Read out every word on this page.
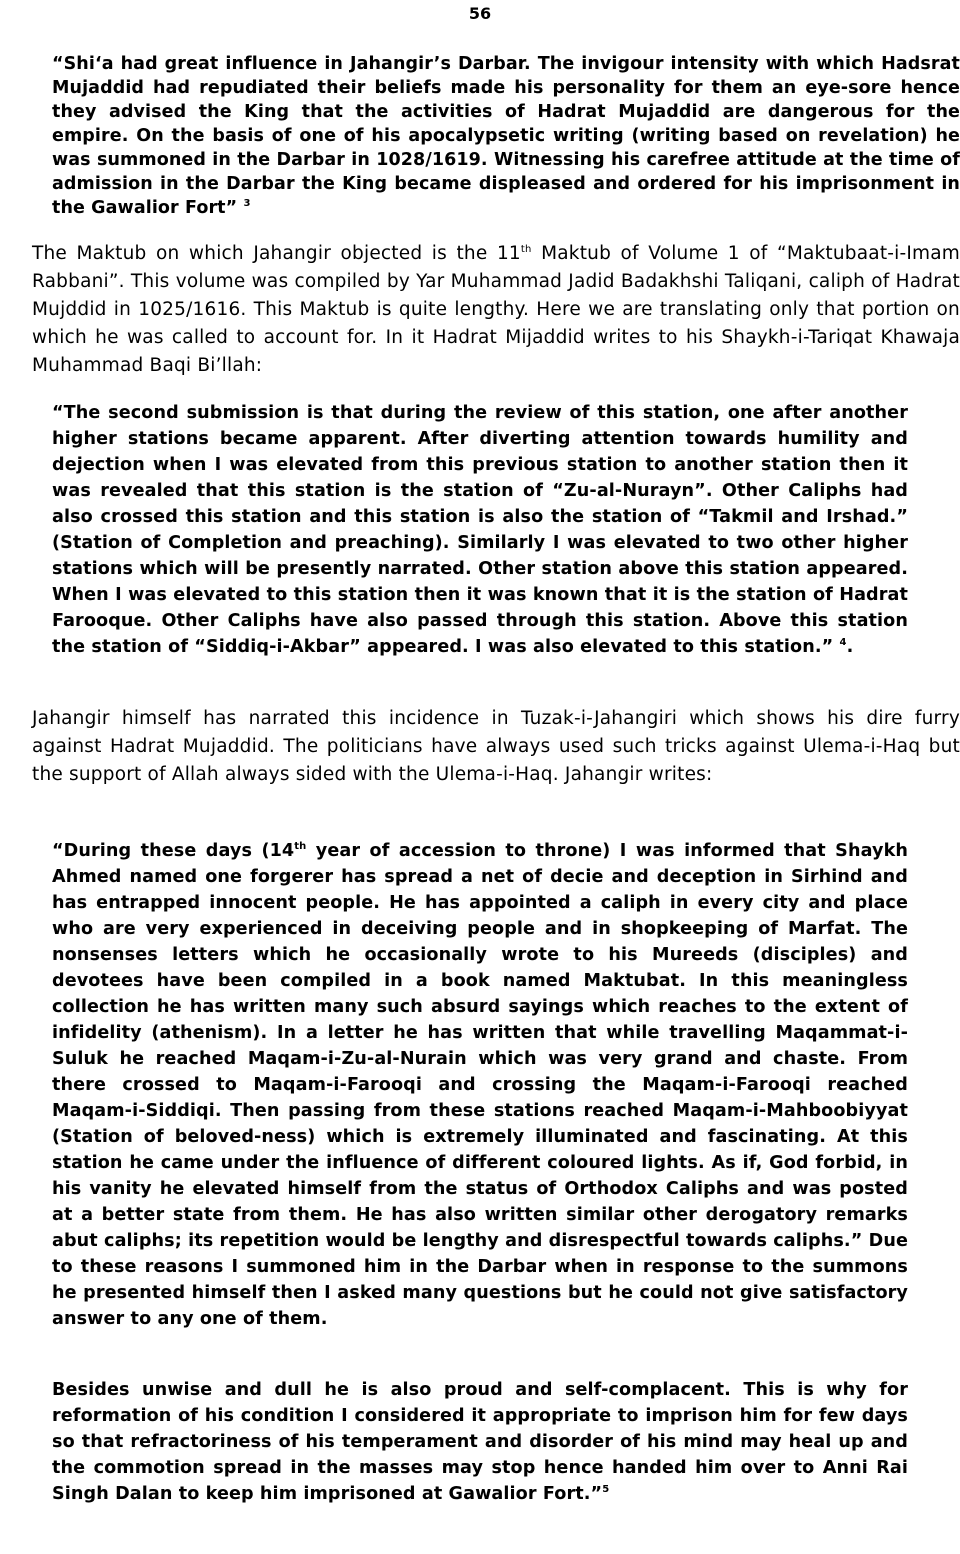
56
“Shi‘a had great influence in Jahangir’s Darbar. The invigour intensity with which Hadsrat Mujaddid had repudiated their beliefs made his personality for them an eye-sore hence they advised the King that the activities of Hadrat Mujaddid are dangerous for the empire. On the basis of one of his apocalypsetic writing (writing based on revelation) he was summoned in the Darbar in 1028/1619. Witnessing his carefree attitude at the time of admission in the Darbar the King became displeased and ordered for his imprisonment in the Gawalior Fort” $^3$
The Maktub on which Jahangir objected is the 11th Maktub of Volume 1 of “Maktubaat-i-Imam Rabbani”. This volume was compiled by Yar Muhammad Jadid Badakhshi Taliqani, caliph of Hadrat Mujddid in 1025/1616. This Maktub is quite lengthy. Here we are translating only that portion on which he was called to account for. In it Hadrat Mijaddid writes to his Shaykh-i-Tariqat Khawaja Muhammad Baqi Bi’llah:
“The second submission is that during the review of this station, one after another higher stations became apparent. After diverting attention towards humility and dejection when I was elevated from this previous station to another station then it was revealed that this station is the station of “Zu-al-Nurayn”. Other Caliphs had also crossed this station and this station is also the station of “Takmil and Irshad.” (Station of Completion and preaching). Similarly I was elevated to two other higher stations which will be presently narrated. Other station above this station appeared. When I was elevated to this station then it was known that it is the station of Hadrat Farooque. Other Caliphs have also passed through this station. Above this station the station of “Siddiq-i-Akbar” appeared. I was also elevated to this station.” $^4$.
Jahangir himself has narrated this incidence in Tuzak-i-Jahangiri which shows his dire furry against Hadrat Mujaddid. The politicians have always used such tricks against Ulema-i-Haq but the support of Allah always sided with the Ulema-i-Haq. Jahangir writes:
“During these days (14th year of accession to throne) I was informed that Shaykh Ahmed named one forgerer has spread a net of decie and deception in Sirhind and has entrapped innocent people. He has appointed a caliph in every city and place who are very experienced in deceiving people and in shopkeeping of Marfat. The nonsenses letters which he occasionally wrote to his Mureeds (disciples) and devotees have been compiled in a book named Maktubat. In this meaningless collection he has written many such absurd sayings which reaches to the extent of infidelity (athenism). In a letter he has written that while travelling Maqammat-i-Suluk he reached Maqam-i-Zu-al-Nurain which was very grand and chaste. From there crossed to Maqam-i-Farooqi and crossing the Maqam-i-Farooqi reached Maqam-i-Siddiqi. Then passing from these stations reached Maqam-i-Mahboobiyyat (Station of beloved-ness) which is extremely illuminated and fascinating. At this station he came under the influence of different coloured lights. As if, God forbid, in his vanity he elevated himself from the status of Orthodox Caliphs and was posted at a better state from them. He has also written similar other derogatory remarks abut caliphs; its repetition would be lengthy and disrespectful towards caliphs.” Due to these reasons I summoned him in the Darbar when in response to the summons he presented himself then I asked many questions but he could not give satisfactory answer to any one of them.
Besides unwise and dull he is also proud and self-complacent. This is why for reformation of his condition I considered it appropriate to imprison him for few days so that refractoriness of his temperament and disorder of his mind may heal up and the commotion spread in the masses may stop hence handed him over to Anni Rai Singh Dalan to keep him imprisoned at Gawalior Fort.”$^5$
